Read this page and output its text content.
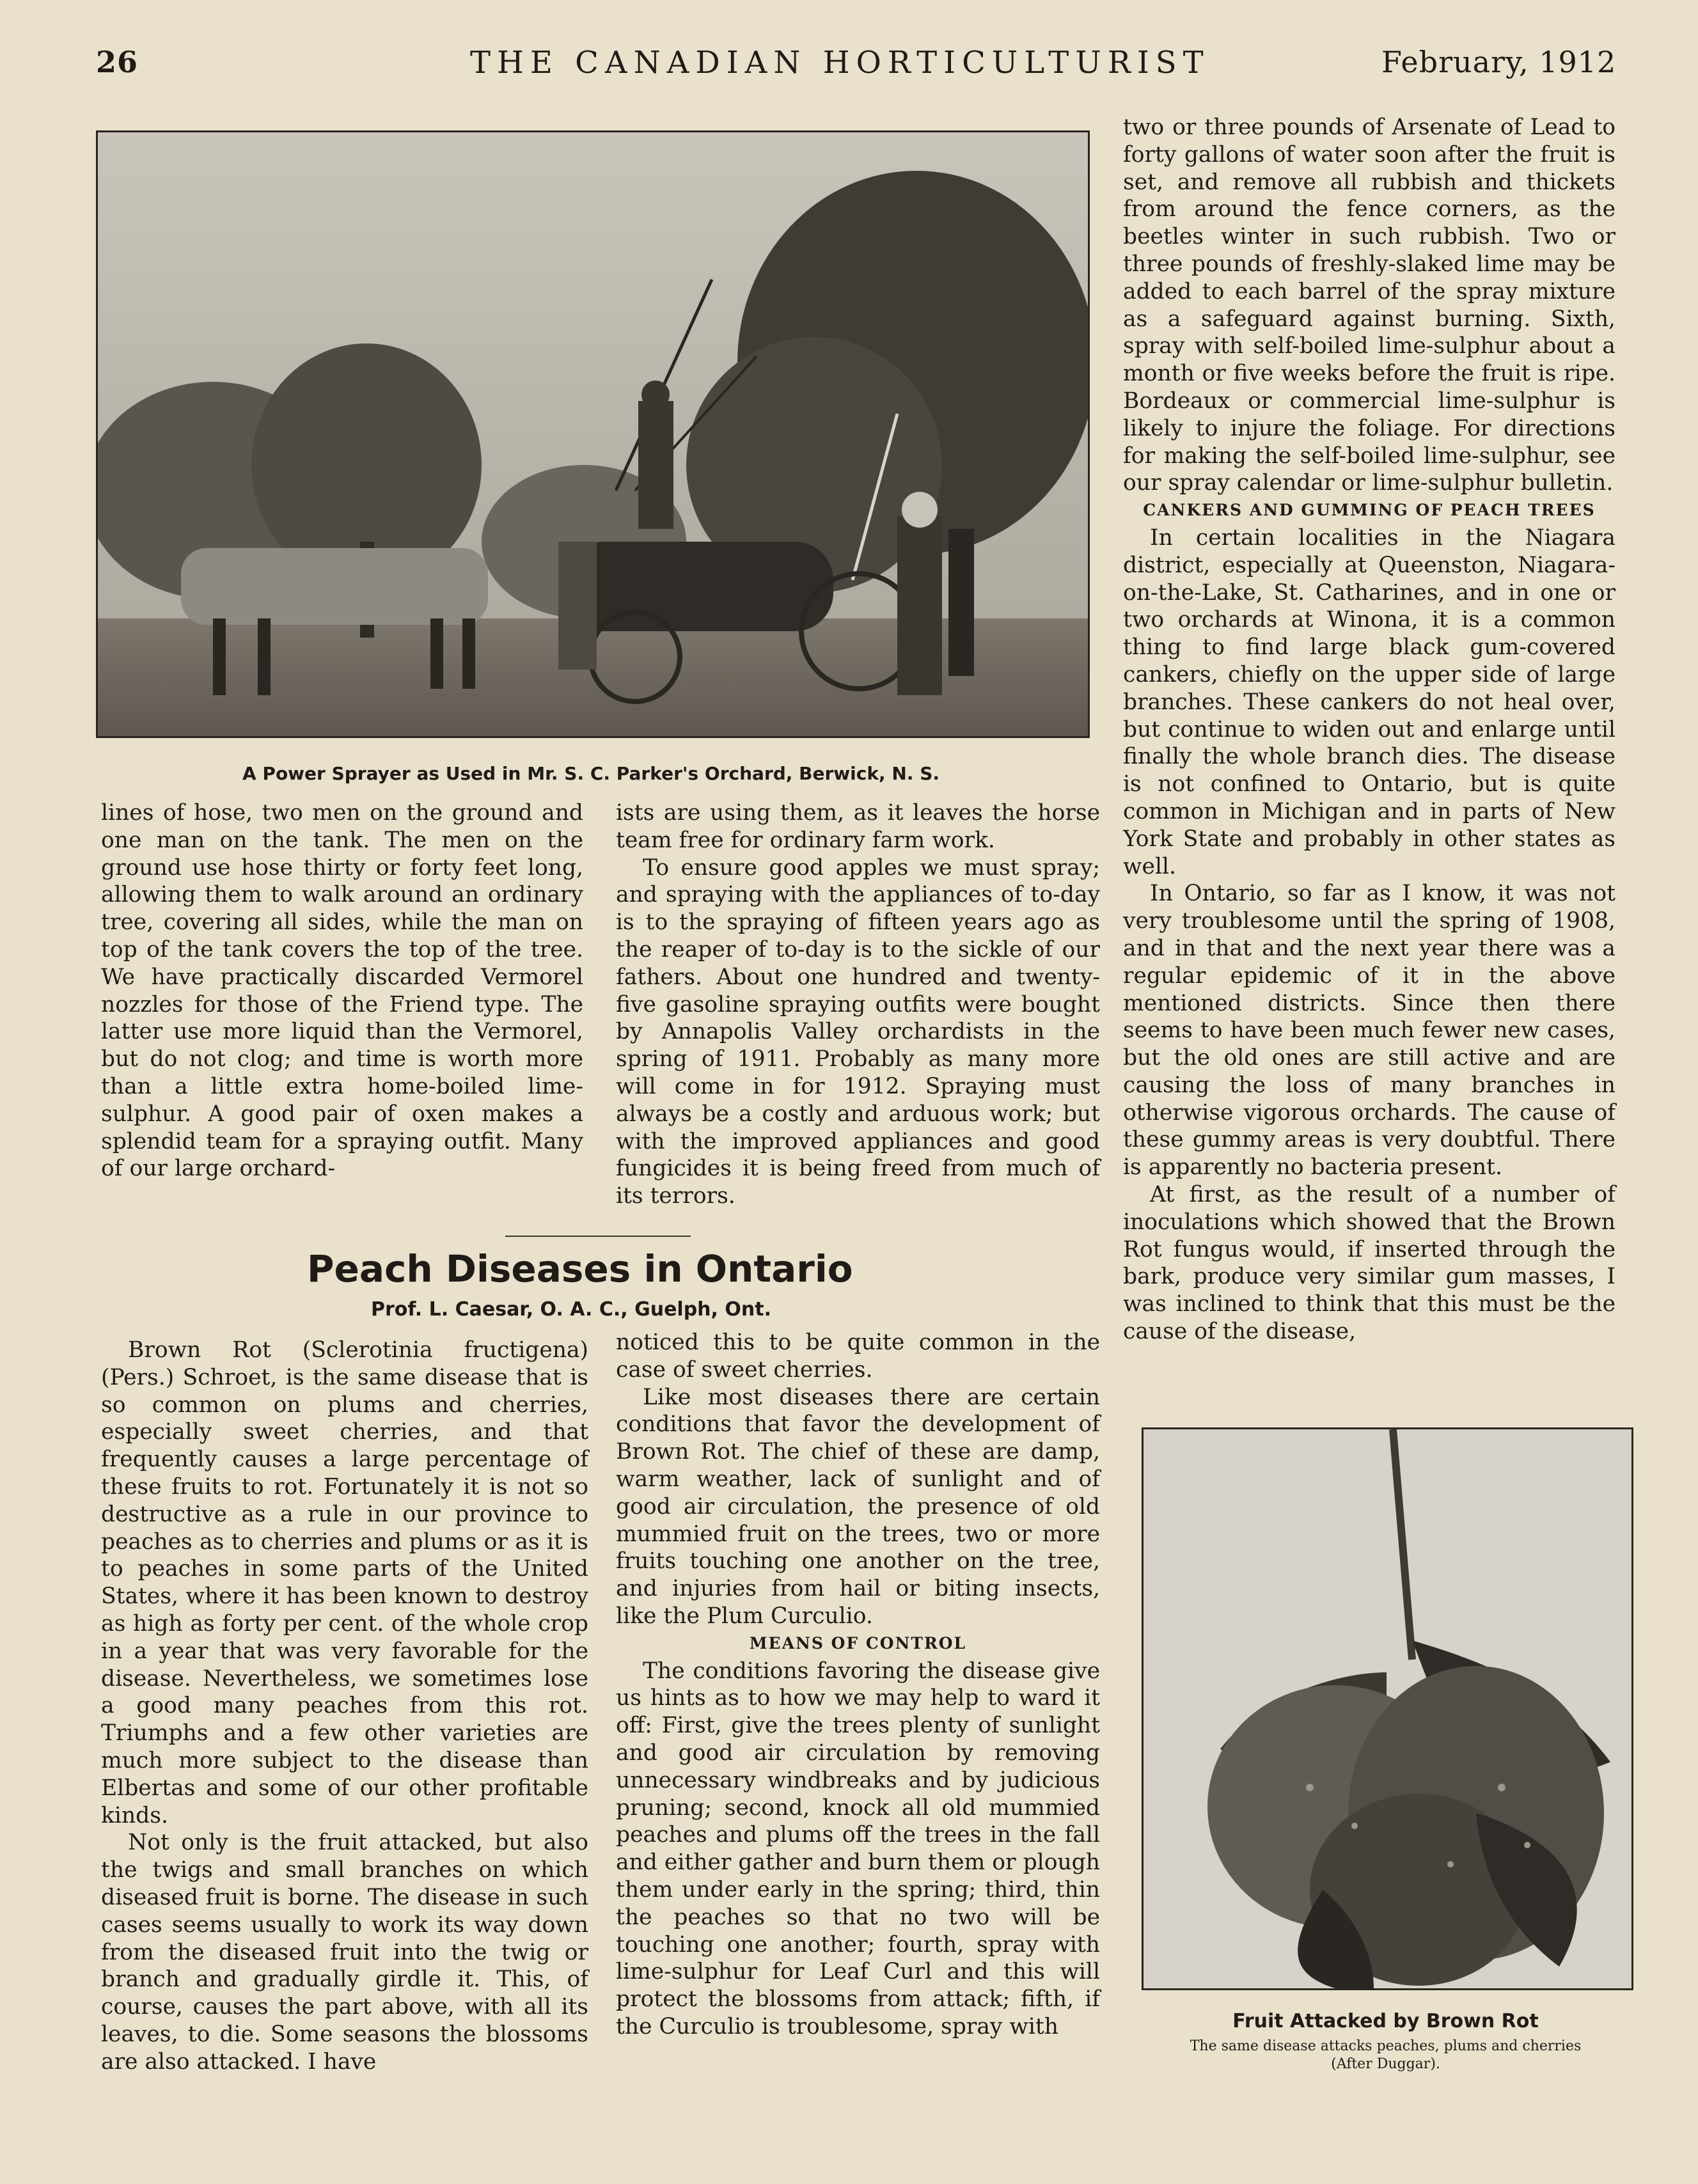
26	THE CANADIAN HORTICULTURIST	February, 1912
A Power Sprayer as Used in Mr. S. C. Parker's Orchard, Berwick, N. S.

lines of hose, two men on the ground and one man on the tank. The men on the ground use hose thirty or forty feet long, allowing them to walk around an ordinary tree, covering all sides, while the man on top of the tank covers the top of the tree. We have practically discarded Vermorel nozzles for those of the Friend type. The latter use more liquid than the Vermorel, but do not clog; and time is worth more than a little extra home-boiled lime-sulphur. A good pair of oxen makes a splendid team for a spraying outfit. Many of our large orchard-

ists are using them, as it leaves the horse team free for ordinary farm work.

To ensure good apples we must spray; and spraying with the appliances of to-day is to the spraying of fifteen years ago as the reaper of to-day is to the sickle of our fathers. About one hundred and twenty-five gasoline spraying outfits were bought by Annapolis Valley orchardists in the spring of 1911. Probably as many more will come in for 1912. Spraying must always be a costly and arduous work; but with the improved appliances and good fungicides it is being freed from much of its terrors.

Peach Diseases in Ontario
Prof. L. Caesar, O. A. C., Guelph, Ont.

Brown Rot (Sclerotinia fructigena) (Pers.) Schroet, is the same disease that is so common on plums and cherries, especially sweet cherries, and that frequently causes a large percentage of these fruits to rot. Fortunately it is not so destructive as a rule in our province to peaches as to cherries and plums or as it is to peaches in some parts of the United States, where it has been known to destroy as high as forty per cent. of the whole crop in a year that was very favorable for the disease. Nevertheless, we sometimes lose a good many peaches from this rot. Triumphs and a few other varieties are much more subject to the disease than Elbertas and some of our other profitable kinds.

Not only is the fruit attacked, but also the twigs and small branches on which diseased fruit is borne. The disease in such cases seems usually to work its way down from the diseased fruit into the twig or branch and gradually girdle it. This, of course, causes the part above, with all its leaves, to die. Some seasons the blossoms are also attacked. I have

noticed this to be quite common in the case of sweet cherries.

Like most diseases there are certain conditions that favor the development of Brown Rot. The chief of these are damp, warm weather, lack of sunlight and of good air circulation, the presence of old mummied fruit on the trees, two or more fruits touching one another on the tree, and injuries from hail or biting insects, like the Plum Curculio.

MEANS OF CONTROL

The conditions favoring the disease give us hints as to how we may help to ward it off: First, give the trees plenty of sunlight and good air circulation by removing unnecessary windbreaks and by judicious pruning; second, knock all old mummied peaches and plums off the trees in the fall and either gather and burn them or plough them under early in the spring; third, thin the peaches so that no two will be touching one another; fourth, spray with lime-sulphur for Leaf Curl and this will protect the blossoms from attack; fifth, if the Curculio is troublesome, spray with

two or three pounds of Arsenate of Lead to forty gallons of water soon after the fruit is set, and remove all rubbish and thickets from around the fence corners, as the beetles winter in such rubbish. Two or three pounds of freshly-slaked lime may be added to each barrel of the spray mixture as a safeguard against burning. Sixth, spray with self-boiled lime-sulphur about a month or five weeks before the fruit is ripe. Bordeaux or commercial lime-sulphur is likely to injure the foliage. For directions for making the self-boiled lime-sulphur, see our spray calendar or lime-sulphur bulletin.

CANKERS AND GUMMING OF PEACH TREES

In certain localities in the Niagara district, especially at Queenston, Niagara-on-the-Lake, St. Catharines, and in one or two orchards at Winona, it is a common thing to find large black gum-covered cankers, chiefly on the upper side of large branches. These cankers do not heal over, but continue to widen out and enlarge until finally the whole branch dies. The disease is not confined to Ontario, but is quite common in Michigan and in parts of New York State and probably in other states as well.

In Ontario, so far as I know, it was not very troublesome until the spring of 1908, and in that and the next year there was a regular epidemic of it in the above mentioned districts. Since then there seems to have been much fewer new cases, but the old ones are still active and are causing the loss of many branches in otherwise vigorous orchards. The cause of these gummy areas is very doubtful. There is apparently no bacteria present.

At first, as the result of a number of inoculations which showed that the Brown Rot fungus would, if inserted through the bark, produce very similar gum masses, I was inclined to think that this must be the cause of the disease,

Fruit Attacked by Brown Rot
The same disease attacks peaches, plums and cherries
(After Duggar).
